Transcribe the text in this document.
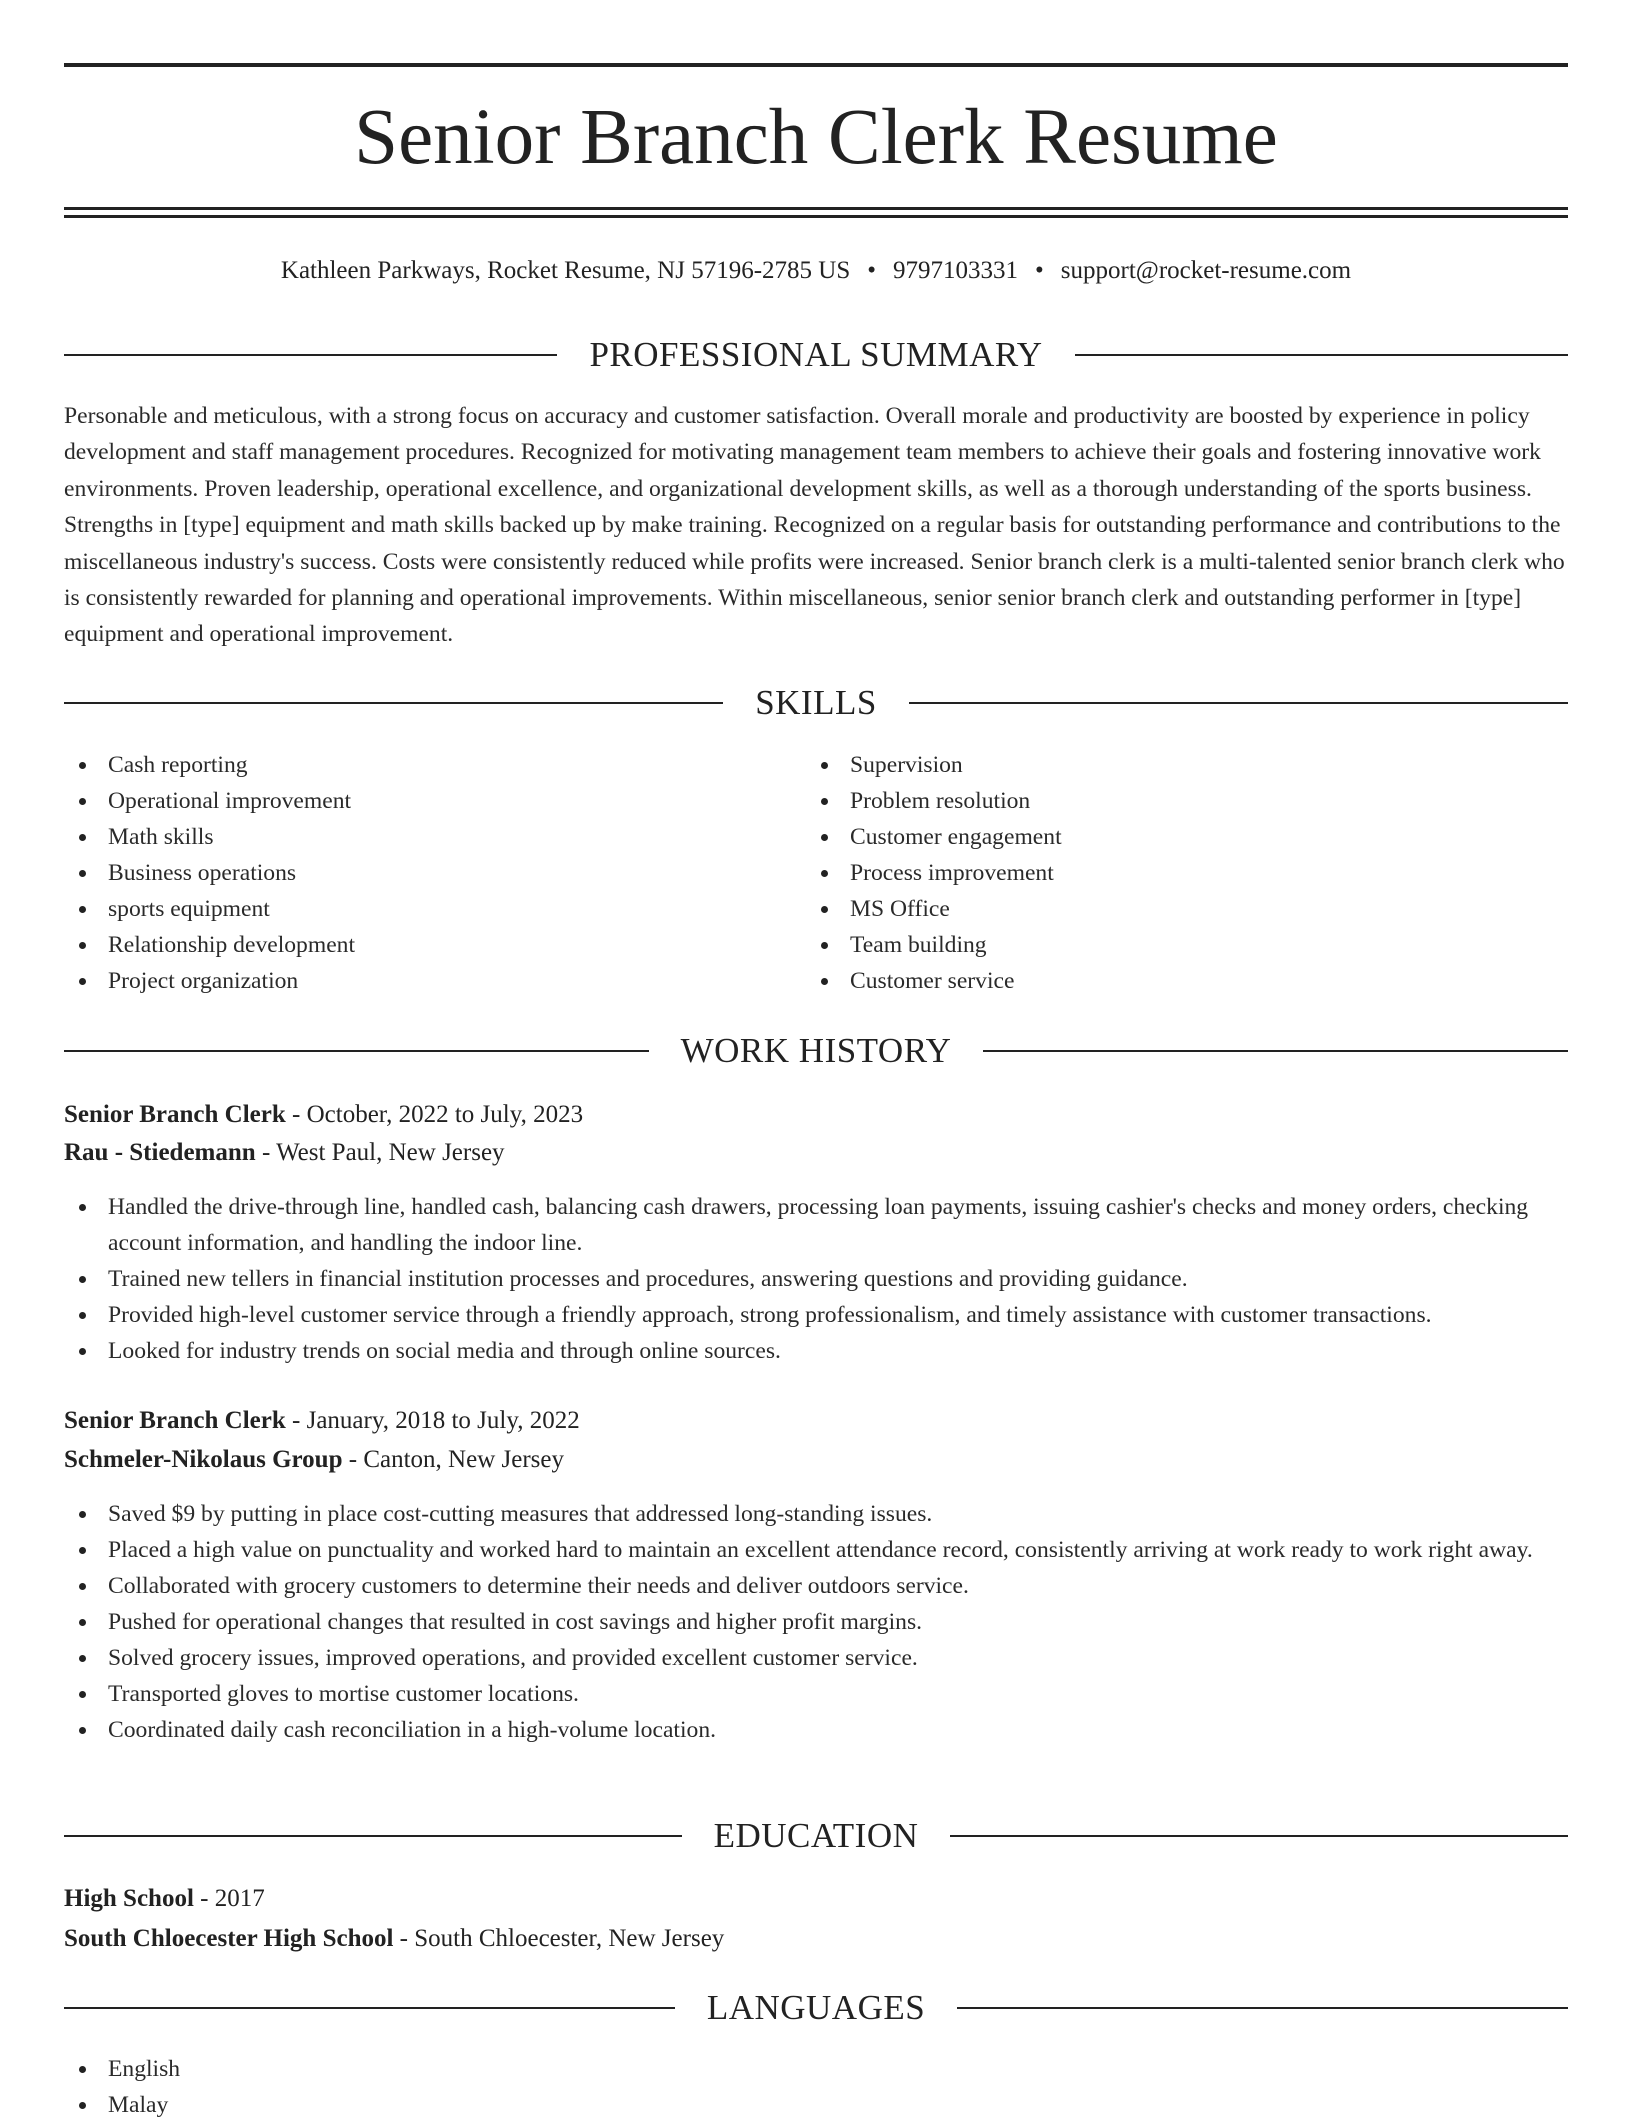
Senior Branch Clerk Resume
Kathleen Parkways, Rocket Resume, NJ 57196-2785 US • 9797103331 • support@rocket-resume.com
PROFESSIONAL SUMMARY

Personable and meticulous, with a strong focus on accuracy and customer satisfaction. Overall morale and productivity are boosted by experience in policy development and staff management procedures. Recognized for motivating management team members to achieve their goals and fostering innovative work environments. Proven leadership, operational excellence, and organizational development skills, as well as a thorough understanding of the sports business. Strengths in [type] equipment and math skills backed up by make training. Recognized on a regular basis for outstanding performance and contributions to the miscellaneous industry's success. Costs were consistently reduced while profits were increased. Senior branch clerk is a multi-talented senior branch clerk who is consistently rewarded for planning and operational improvements. Within miscellaneous, senior senior branch clerk and outstanding performer in [type] equipment and operational improvement.

SKILLS
Cash reporting
Operational improvement
Math skills
Business operations
sports equipment
Relationship development
Project organization
Supervision
Problem resolution
Customer engagement
Process improvement
MS Office
Team building
Customer service
WORK HISTORY
Senior Branch Clerk - October, 2022 to July, 2023
Rau - Stiedemann - West Paul, New Jersey
Handled the drive-through line, handled cash, balancing cash drawers, processing loan payments, issuing cashier's checks and money orders, checking account information, and handling the indoor line.
Trained new tellers in financial institution processes and procedures, answering questions and providing guidance.
Provided high-level customer service through a friendly approach, strong professionalism, and timely assistance with customer transactions.
Looked for industry trends on social media and through online sources.
Senior Branch Clerk - January, 2018 to July, 2022
Schmeler-Nikolaus Group - Canton, New Jersey
Saved $9 by putting in place cost-cutting measures that addressed long-standing issues.
Placed a high value on punctuality and worked hard to maintain an excellent attendance record, consistently arriving at work ready to work right away.
Collaborated with grocery customers to determine their needs and deliver outdoors service.
Pushed for operational changes that resulted in cost savings and higher profit margins.
Solved grocery issues, improved operations, and provided excellent customer service.
Transported gloves to mortise customer locations.
Coordinated daily cash reconciliation in a high-volume location.
EDUCATION
High School - 2017
South Chloecester High School - South Chloecester, New Jersey
LANGUAGES
English
Malay
